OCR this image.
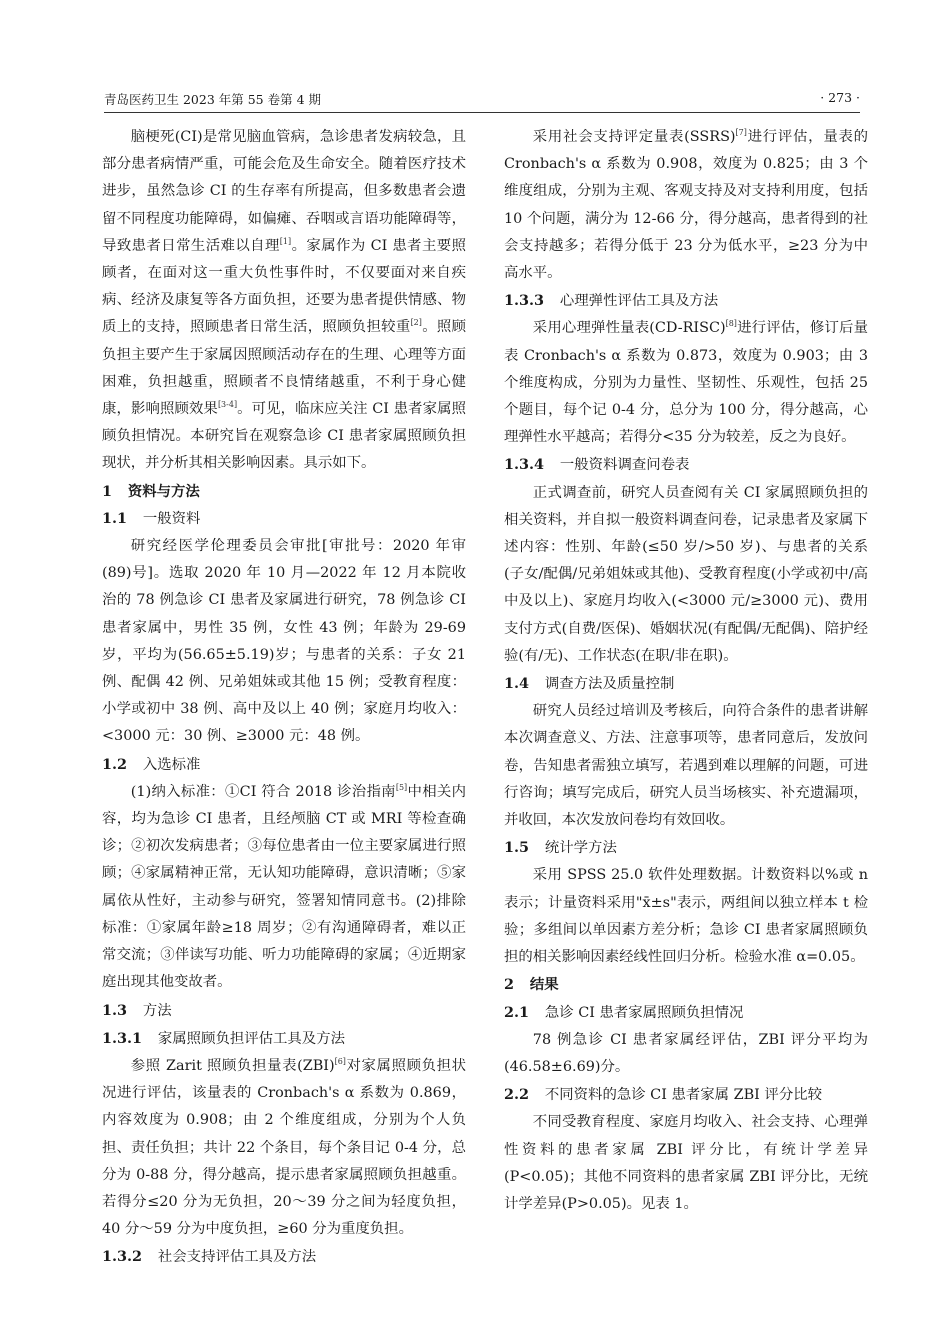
青岛医药卫生 2023 年第 55 卷第 4 期	· 273 ·

脑梗死(CI)是常见脑血管病，急诊患者发病较急，且部分患者病情严重，可能会危及生命安全。随着医疗技术进步，虽然急诊 CI 的生存率有所提高，但多数患者会遗留不同程度功能障碍，如偏瘫、吞咽或言语功能障碍等，导致患者日常生活难以自理[1]。家属作为 CI 患者主要照顾者，在面对这一重大负性事件时，不仅要面对来自疾病、经济及康复等各方面负担，还要为患者提供情感、物质上的支持，照顾患者日常生活，照顾负担较重[2]。照顾负担主要产生于家属因照顾活动存在的生理、心理等方面困难，负担越重，照顾者不良情绪越重，不利于身心健康，影响照顾效果[3-4]。可见，临床应关注 CI 患者家属照顾负担情况。本研究旨在观察急诊 CI 患者家属照顾负担现状，并分析其相关影响因素。具示如下。

1 资料与方法

1.1 一般资料

研究经医学伦理委员会审批[审批号：2020 年审(89)号]。选取 2020 年 10 月—2022 年 12 月本院收治的 78 例急诊 CI 患者及家属进行研究，78 例急诊 CI 患者家属中，男性 35 例，女性 43 例；年龄为 29-69 岁，平均为(56.65±5.19)岁；与患者的关系：子女 21 例、配偶 42 例、兄弟姐妹或其他 15 例；受教育程度：小学或初中 38 例、高中及以上 40 例；家庭月均收入：<3000 元：30 例、≥3000 元：48 例。

1.2 入选标准

(1)纳入标准：①CI 符合 2018 诊治指南[5]中相关内容，均为急诊 CI 患者，且经颅脑 CT 或 MRI 等检查确诊；②初次发病患者；③每位患者由一位主要家属进行照顾；④家属精神正常，无认知功能障碍，意识清晰；⑤家属依从性好，主动参与研究，签署知情同意书。(2)排除标准：①家属年龄≥18 周岁；②有沟通障碍者，难以正常交流；③伴读写功能、听力功能障碍的家属；④近期家庭出现其他变故者。

1.3 方法

1.3.1 家属照顾负担评估工具及方法

参照 Zarit 照顾负担量表(ZBI)[6]对家属照顾负担状况进行评估，该量表的 Cronbach's α 系数为 0.869，内容效度为 0.908；由 2 个维度组成，分别为个人负担、责任负担；共计 22 个条目，每个条目记 0-4 分，总分为 0-88 分，得分越高，提示患者家属照顾负担越重。若得分≤20 分为无负担，20～39 分之间为轻度负担，40 分～59 分为中度负担，≥60 分为重度负担。

1.3.2 社会支持评估工具及方法

采用社会支持评定量表(SSRS)[7]进行评估，量表的 Cronbach's α 系数为 0.908，效度为 0.825；由 3 个维度组成，分别为主观、客观支持及对支持利用度，包括 10 个问题，满分为 12-66 分，得分越高，患者得到的社会支持越多；若得分低于 23 分为低水平，≥23 分为中高水平。

1.3.3 心理弹性评估工具及方法

采用心理弹性量表(CD-RISC)[8]进行评估，修订后量表 Cronbach's α 系数为 0.873，效度为 0.903；由 3 个维度构成，分别为力量性、坚韧性、乐观性，包括 25 个题目，每个记 0-4 分，总分为 100 分，得分越高，心理弹性水平越高；若得分<35 分为较差，反之为良好。

1.3.4 一般资料调查问卷表

正式调查前，研究人员查阅有关 CI 家属照顾负担的相关资料，并自拟一般资料调查问卷，记录患者及家属下述内容：性别、年龄(≤50 岁/>50 岁)、与患者的关系(子女/配偶/兄弟姐妹或其他)、受教育程度(小学或初中/高中及以上)、家庭月均收入(<3000 元/≥3000 元)、费用支付方式(自费/医保)、婚姻状况(有配偶/无配偶)、陪护经验(有/无)、工作状态(在职/非在职)。

1.4 调查方法及质量控制

研究人员经过培训及考核后，向符合条件的患者讲解本次调查意义、方法、注意事项等，患者同意后，发放问卷，告知患者需独立填写，若遇到难以理解的问题，可进行咨询；填写完成后，研究人员当场核实、补充遗漏项，并收回，本次发放问卷均有效回收。

1.5 统计学方法

采用 SPSS 25.0 软件处理数据。计数资料以%或 n 表示；计量资料采用"x̄±s"表示，两组间以独立样本 t 检验；多组间以单因素方差分析；急诊 CI 患者家属照顾负担的相关影响因素经线性回归分析。检验水准 α=0.05。

2 结果

2.1 急诊 CI 患者家属照顾负担情况

78 例急诊 CI 患者家属经评估，ZBI 评分平均为(46.58±6.69)分。

2.2 不同资料的急诊 CI 患者家属 ZBI 评分比较

不同受教育程度、家庭月均收入、社会支持、心理弹性资料的患者家属 ZBI 评分比，有统计学差异(P<0.05)；其他不同资料的患者家属 ZBI 评分比，无统计学差异(P>0.05)。见表 1。
